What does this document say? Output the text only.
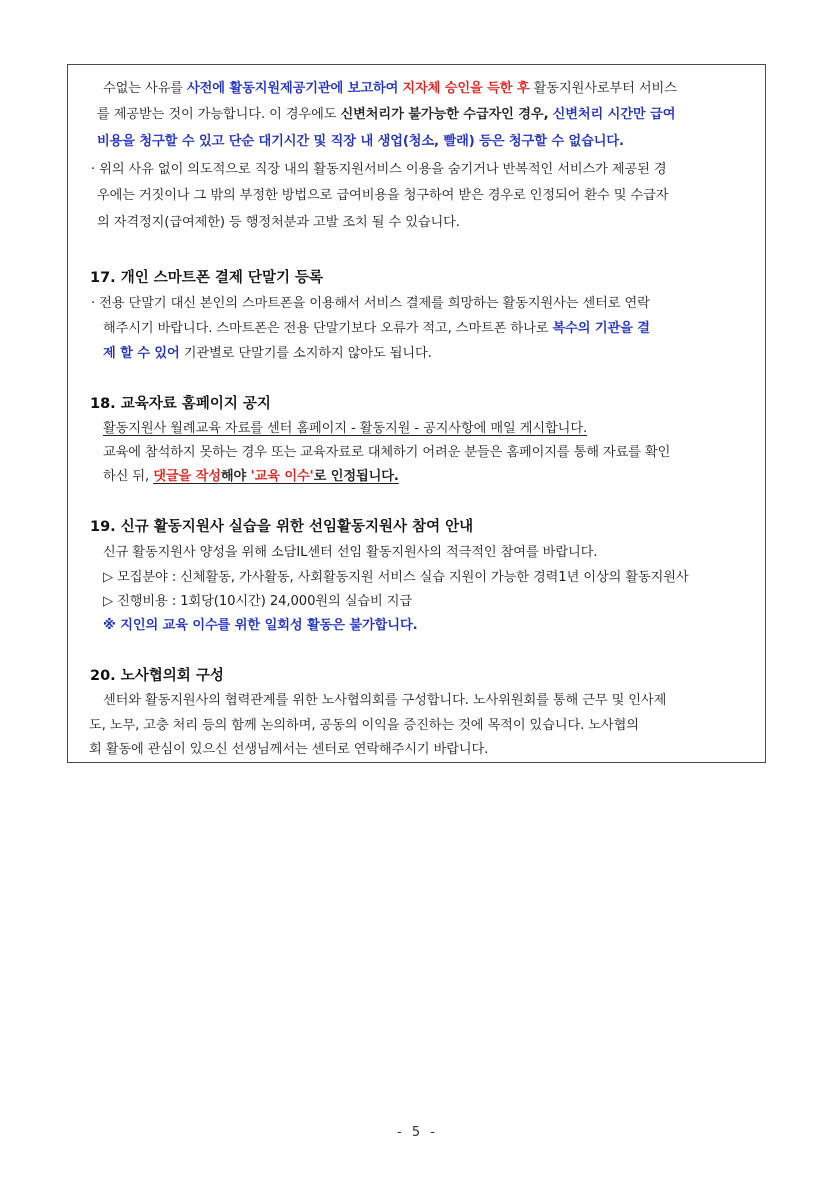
수없는 사유를 사전에 활동지원제공기관에 보고하여 지자체 승인을 득한 후 활동지원사로부터 서비스
를 제공받는 것이 가능합니다. 이 경우에도 신변처리가 불가능한 수급자인 경우, 신변처리 시간만 급여
비용을 청구할 수 있고 단순 대기시간 및 직장 내 생업(청소, 빨래) 등은 청구할 수 없습니다.
· 위의 사유 없이 의도적으로 직장 내의 활동지원서비스 이용을 숨기거나 반복적인 서비스가 제공된 경
우에는 거짓이나 그 밖의 부정한 방법으로 급여비용을 청구하여 받은 경우로 인정되어 환수 및 수급자
의 자격정지(급여제한) 등 행정처분과 고발 조치 될 수 있습니다.
17. 개인 스마트폰 결제 단말기 등록
· 전용 단말기 대신 본인의 스마트폰을 이용해서 서비스 결제를 희망하는 활동지원사는 센터로 연락
해주시기 바랍니다. 스마트폰은 전용 단말기보다 오류가 적고, 스마트폰 하나로 복수의 기관을 결
제 할 수 있어 기관별로 단말기를 소지하지 않아도 됩니다.
18. 교육자료 홈페이지 공지
활동지원사 월례교육 자료를 센터 홈페이지 - 활동지원 - 공지사항에 매일 게시합니다.
교육에 참석하지 못하는 경우 또는 교육자료로 대체하기 어려운 분들은 홈페이지를 통해 자료를 확인
하신 뒤, 댓글을 작성해야 '교육 이수'로 인정됩니다.
19. 신규 활동지원사 실습을 위한 선임활동지원사 참여 안내
신규 활동지원사 양성을 위해 소담IL센터 선임 활동지원사의 적극적인 참여를 바랍니다.
▷ 모집분야 : 신체활동, 가사활동, 사회활동지원 서비스 실습 지원이 가능한 경력1년 이상의 활동지원사
▷ 진행비용 : 1회당(10시간) 24,000원의 실습비 지급
※ 지인의 교육 이수를 위한 일회성 활동은 불가합니다.
20. 노사협의회 구성
센터와 활동지원사의 협력관계를 위한 노사협의회를 구성합니다. 노사위원회를 통해 근무 및 인사제
도, 노무, 고충 처리 등의 함께 논의하며, 공동의 이익을 증진하는 것에 목적이 있습니다. 노사협의
회 활동에 관심이 있으신 선생님께서는 센터로 연락해주시기 바랍니다.
- 5 -
